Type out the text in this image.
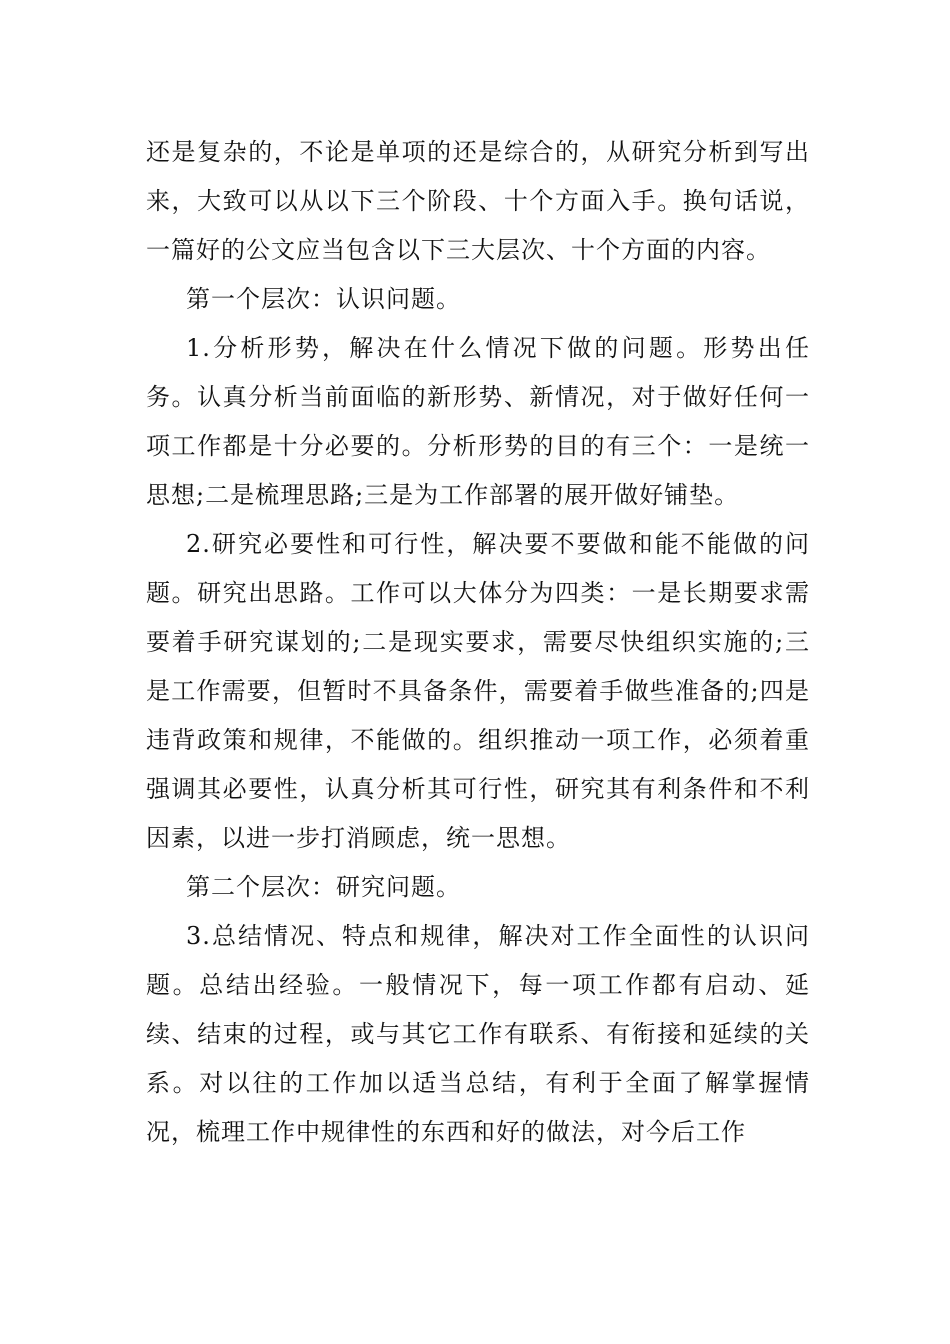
还是复杂的，不论是单项的还是综合的，从研究分析到写出来，大致可以从以下三个阶段、十个方面入手。换句话说，一篇好的公文应当包含以下三大层次、十个方面的内容。

第一个层次：认识问题。

1.分析形势，解决在什么情况下做的问题。形势出任务。认真分析当前面临的新形势、新情况，对于做好任何一项工作都是十分必要的。分析形势的目的有三个：一是统一思想;二是梳理思路;三是为工作部署的展开做好铺垫。

2.研究必要性和可行性，解决要不要做和能不能做的问题。研究出思路。工作可以大体分为四类：一是长期要求需要着手研究谋划的;二是现实要求，需要尽快组织实施的;三是工作需要，但暂时不具备条件，需要着手做些准备的;四是违背政策和规律，不能做的。组织推动一项工作，必须着重强调其必要性，认真分析其可行性，研究其有利条件和不利因素，以进一步打消顾虑，统一思想。

第二个层次：研究问题。

3.总结情况、特点和规律，解决对工作全面性的认识问题。总结出经验。一般情况下，每一项工作都有启动、延续、结束的过程，或与其它工作有联系、有衔接和延续的关系。对以往的工作加以适当总结，有利于全面了解掌握情况，梳理工作中规律性的东西和好的做法，对今后工作
